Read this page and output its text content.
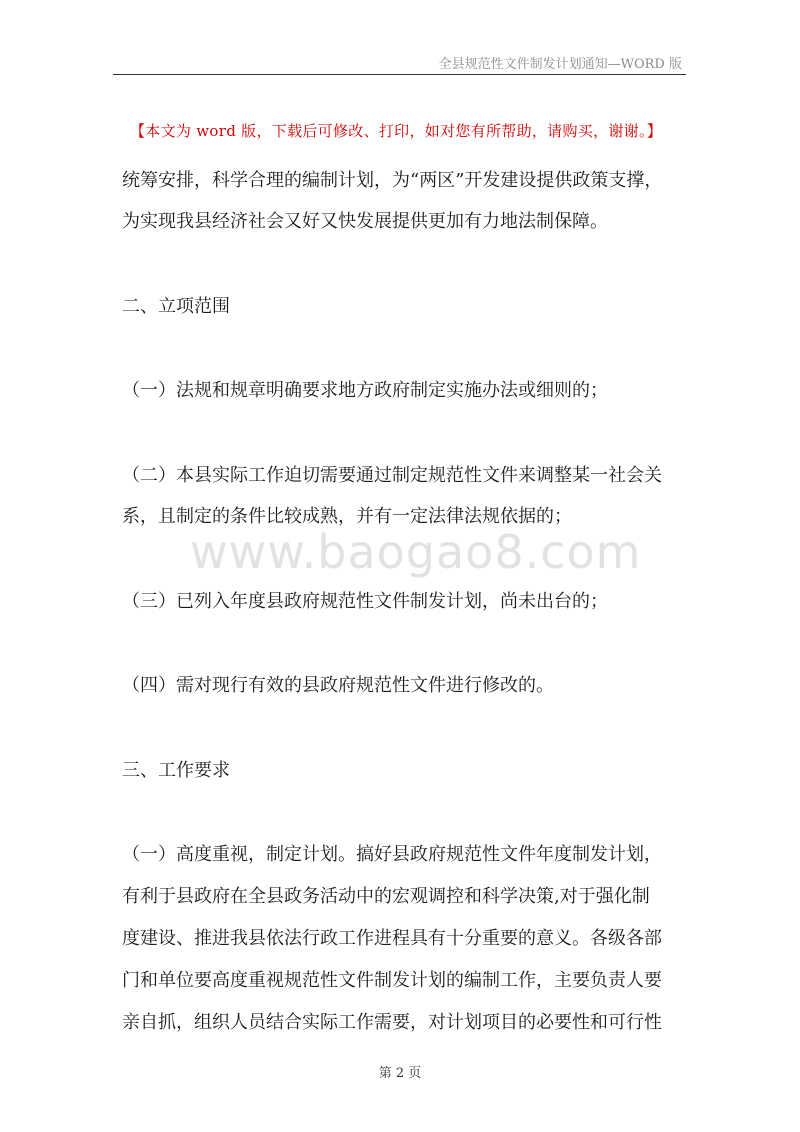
全县规范性文件制发计划通知—WORD 版
【本文为 word 版，下载后可修改、打印，如对您有所帮助，请购买，谢谢。】
www.baogao8.com
统筹安排，科学合理的编制计划，为“两区”开发建设提供政策支撑，
为实现我县经济社会又好又快发展提供更加有力地法制保障。
二、立项范围
（一）法规和规章明确要求地方政府制定实施办法或细则的；
（二）本县实际工作迫切需要通过制定规范性文件来调整某一社会关
系，且制定的条件比较成熟，并有一定法律法规依据的；
（三）已列入年度县政府规范性文件制发计划，尚未出台的；
（四）需对现行有效的县政府规范性文件进行修改的。
三、工作要求
（一）高度重视，制定计划。搞好县政府规范性文件年度制发计划，
有利于县政府在全县政务活动中的宏观调控和科学决策,对于强化制
度建设、推进我县依法行政工作进程具有十分重要的意义。各级各部
门和单位要高度重视规范性文件制发计划的编制工作，主要负责人要
亲自抓，组织人员结合实际工作需要，对计划项目的必要性和可行性
第 2 页
